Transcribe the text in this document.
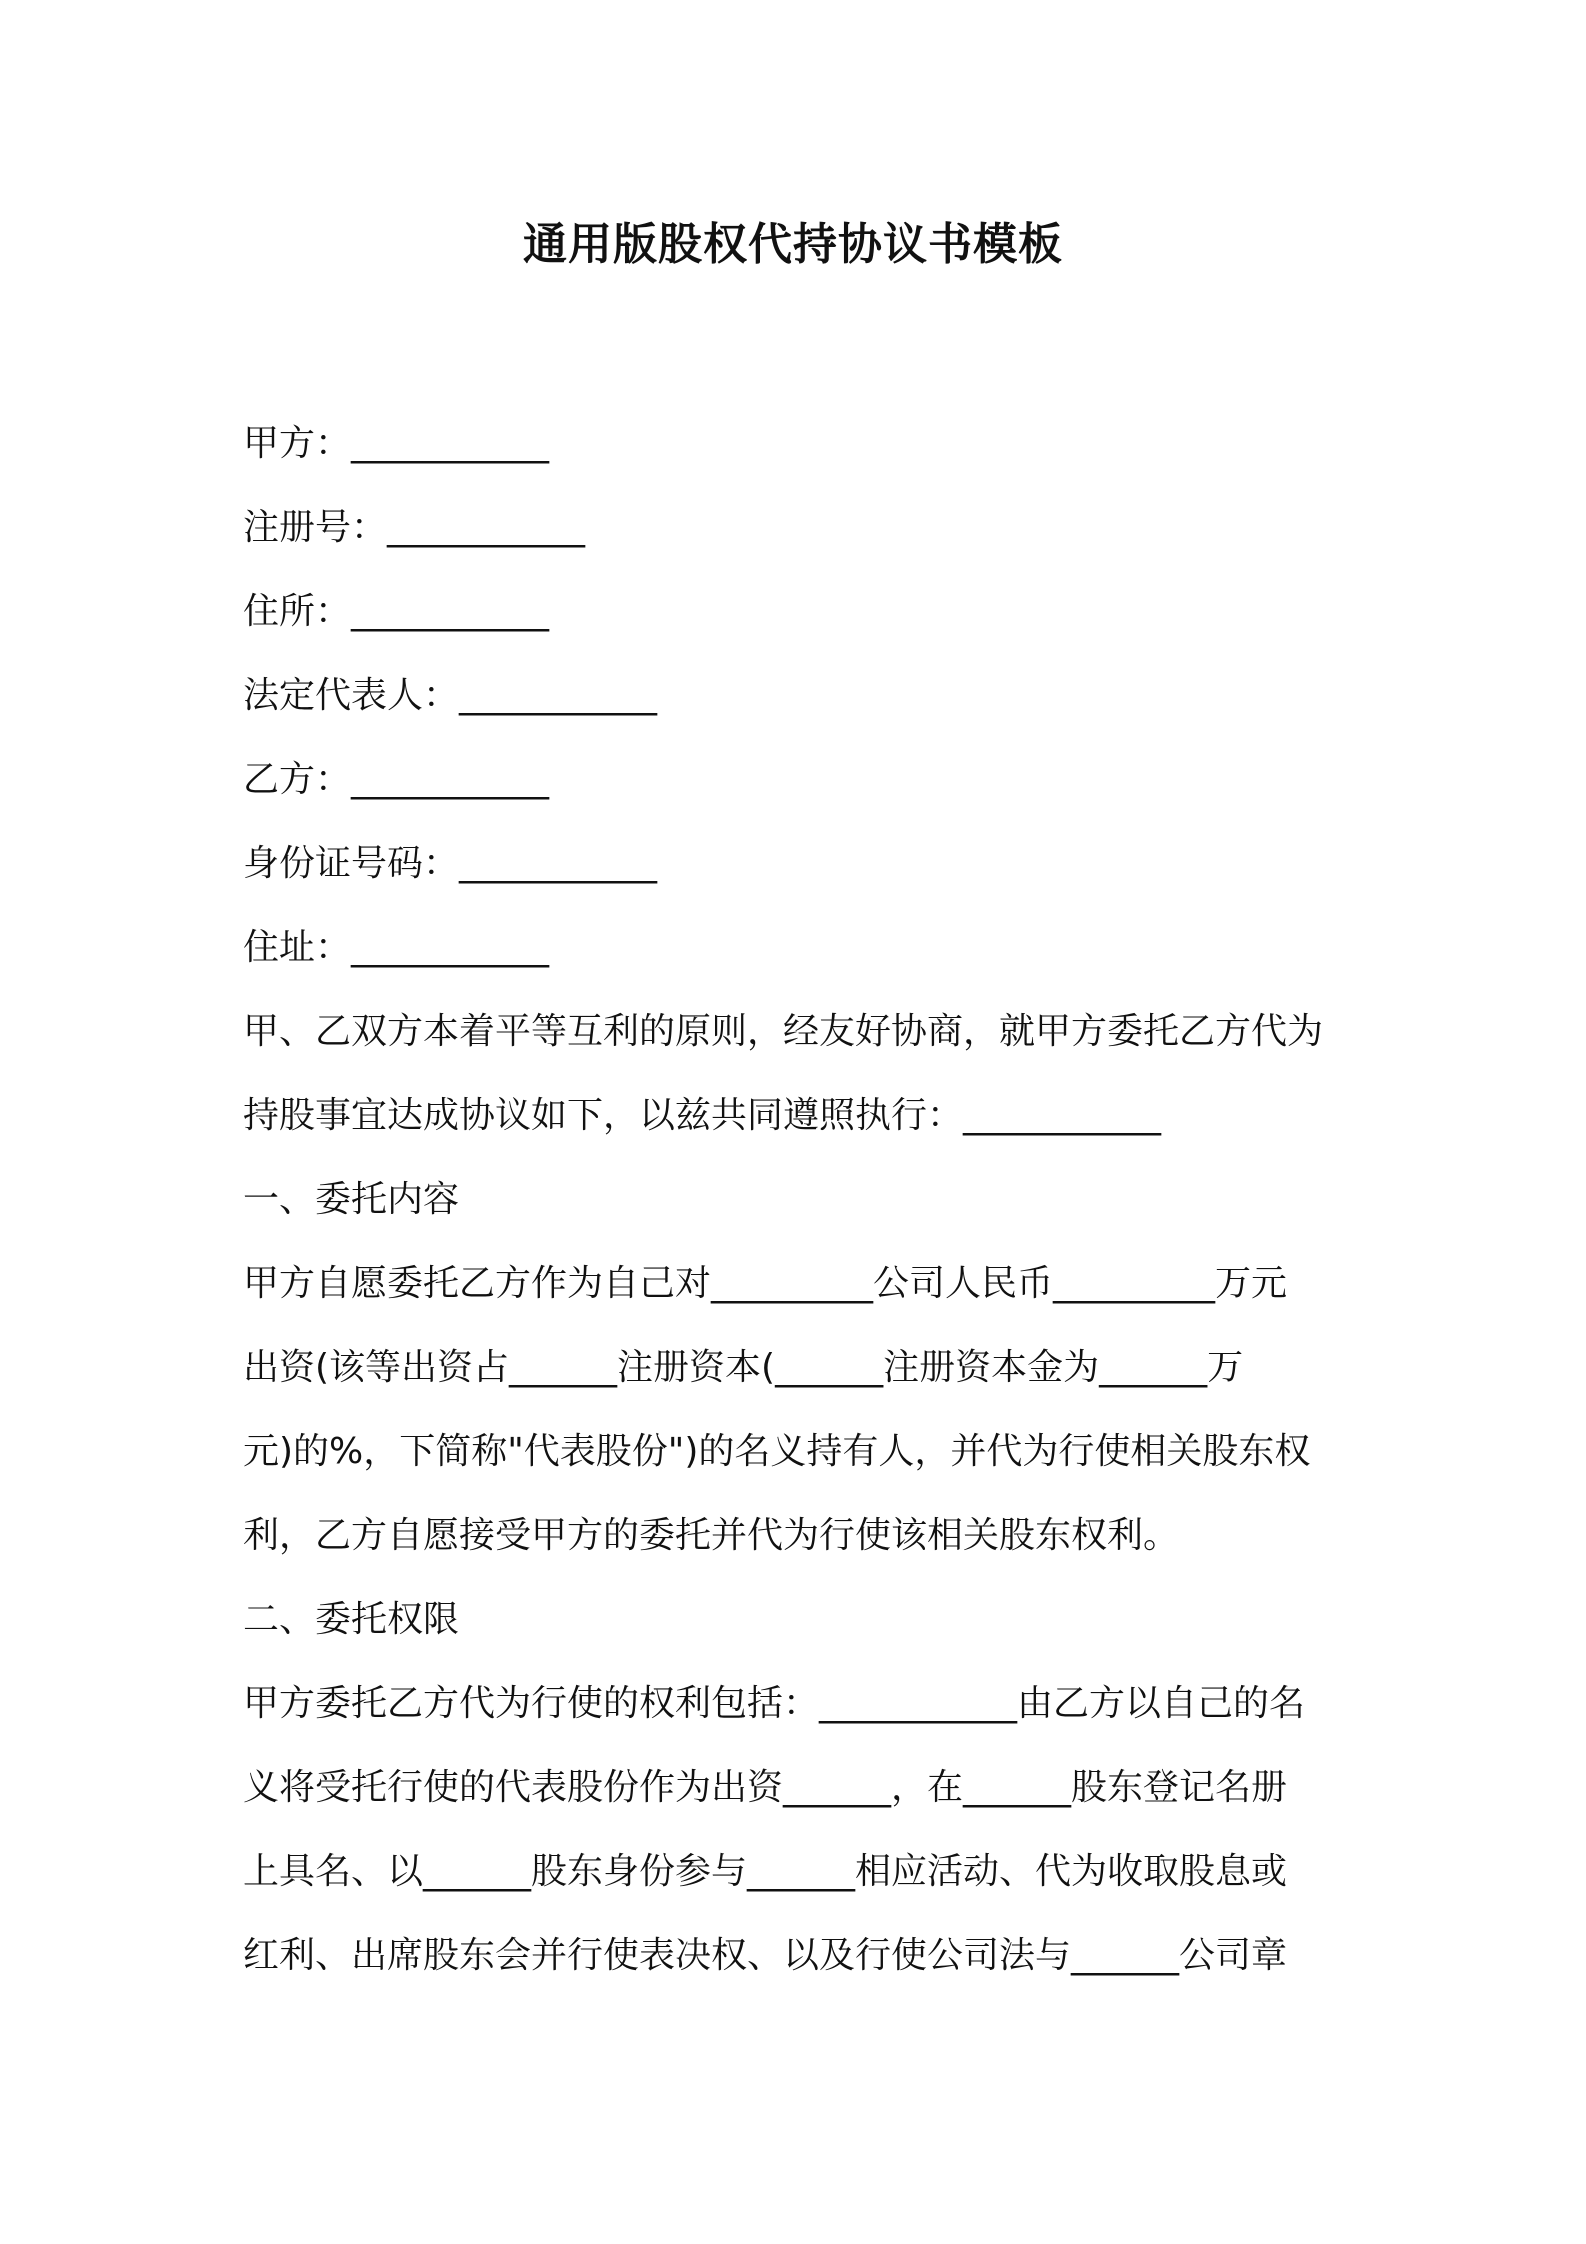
通用版股权代持协议书模板
甲方：___________
注册号：___________
住所：___________
法定代表人：___________
乙方：___________
身份证号码：___________
住址：___________
甲、乙双方本着平等互利的原则，经友好协商，就甲方委托乙方代为
持股事宜达成协议如下，以兹共同遵照执行：___________
一、委托内容
甲方自愿委托乙方作为自己对_________公司人民币_________万元
出资(该等出资占______注册资本(______注册资本金为______万
元)的%，下简称"代表股份")的名义持有人，并代为行使相关股东权
利，乙方自愿接受甲方的委托并代为行使该相关股东权利。
二、委托权限
甲方委托乙方代为行使的权利包括：___________由乙方以自己的名
义将受托行使的代表股份作为出资______，在______股东登记名册
上具名、以______股东身份参与______相应活动、代为收取股息或
红利、出席股东会并行使表决权、以及行使公司法与______公司章
